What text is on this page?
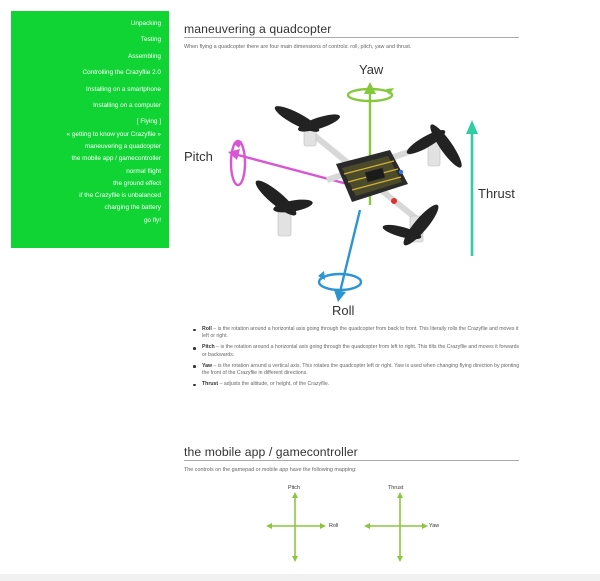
Unpacking
Testing
Assembling
Controlling the Crazyflie 2.0
Installing on a smartphone
Installing on a computer
[ Flying ]
« getting to know your Crazyflie »
maneuvering a quadcopter
the mobile app / gamecontroller
normal flight
the ground effect
if the Crazyflie is unbalanced
charging the battery
go fly!
maneuvering a quadcopter

When flying a quadcopter there are four main dimensions of controls: roll, pitch, yaw and thrust.

Yaw
Pitch
Thrust
Roll
Roll – is the rotation around a horizontal axis going through the quadcopter from back to front. This literally rolls the Crazyflie and moves it left or right.
Pitch – is the rotation around a horizontal axis going through the quadcopter from left to right. This tilts the Crazyflie and moves it forwards or backwards.
Yaw – is the rotation around a vertical axis. This rotates the quadcopter left or right. Yaw is used when changing flying direction by pionting the front of the Crazyflie in different directions.
Thrust – adjusts the altitude, or height, of the Crazyflie.
the mobile app / gamecontroller

The controls on the gamepad or mobile app have the following mapping:

Pitch
Roll
Thrust
Yaw
